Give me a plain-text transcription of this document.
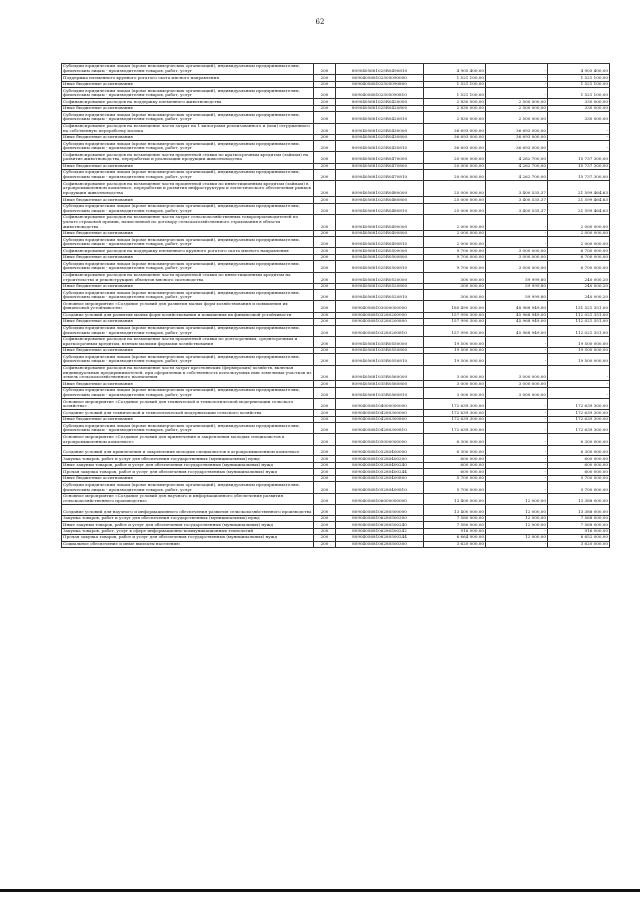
62
Субсидии юридическим лицам (кроме некоммерческих организаций), индивидуальным предпринимателям, физическим лицам - производителям товаров, работ, услуг	200	8090405681025R0490810	4 905 400,00	-	4 905 400,00
Поддержка племенного крупного рогатого скота мясного направления	200	809040568102505090000	1 521 100,00	-	1 521 100,00
Иные бюджетные ассигнования	200	809040568102505090800	1 521 100,00	-	1 521 100,00
Субсидии юридическим лицам (кроме некоммерческих организаций), индивидуальным предпринимателям, физическим лицам - производителям товаров, работ, услуг	200	809040568102505090810	1 521 100,00	-	1 521 100,00
Софинансирование расходов на поддержку племенного животноводства	200	8090405681025R0420000	2 830 000,00	2 500 000,00	330 000,00
Иные бюджетные ассигнования	200	8090405681025R0420800	2 830 000,00	2 500 000,00	330 000,00
Субсидии юридическим лицам (кроме некоммерческих организаций), индивидуальным предпринимателям, физическим лицам - производителям товаров, работ, услуг	200	8090405681025R0420810	2 830 000,00	2 500 000,00	330 000,00
Софинансирование расходов на возмещение части затрат на 1 килограмм реализованного и (или) отгруженного на собственную переработку молока	200	8090405681025R0430000	36 693 000,00	36 693 000,00	-
Иные бюджетные ассигнования	200	8090405681025R0430800	36 693 000,00	36 693 000,00	-
Субсидии юридическим лицам (кроме некоммерческих организаций), индивидуальным предпринимателям, физическим лицам - производителям товаров, работ, услуг	200	8090405681025R0430810	36 693 000,00	36 693 000,00	-
Софинансирование расходов на возмещение части процентной ставки по краткосрочным кредитам (займам) на развитие животноводства, переработки и реализации продукции животноводства	200	8090405681025R0470000	20 000 000,00	4 262 700,00	15 737 300,00
Иные бюджетные ассигнования	200	8090405681025R0470800	20 000 000,00	4 262 700,00	15 737 300,00
Субсидии юридическим лицам (кроме некоммерческих организаций), индивидуальным предпринимателям, физическим лицам - производителям товаров, работ, услуг	200	8090405681025R0470810	20 000 000,00	4 262 700,00	15 737 300,00
Софинансирование расходов на возмещение части процентной ставки по инвестиционным кредитам (займам) в агропромышленном комплексе, переработки и развития инфраструктуры и логистического обеспечения рынков продукции животноводства	200	8090405681025R0480000	25 000 000,00	3 400 535,37	21 599 464,63
Иные бюджетные ассигнования	200	8090405681025R0480800	25 000 000,00	3 400 535,37	21 599 464,63
Субсидии юридическим лицам (кроме некоммерческих организаций), индивидуальным предпринимателям, физическим лицам - производителям товаров, работ, услуг	200	8090405681025R0480810	25 000 000,00	3 400 535,37	21 599 464,63
Софинансирование расходов на возмещение части затрат сельскохозяйственных товаропроизводителей по уплате страховой премии, начисленной по договору сельскохозяйственного страхования в области животноводства	200	8090405681025R0490000	2 000 000,00	-	2 000 000,00
Иные бюджетные ассигнования	200	8090405681025R0490800	2 000 000,00	-	2 000 000,00
Субсидии юридическим лицам (кроме некоммерческих организаций), индивидуальным предпринимателям, физическим лицам - производителям товаров, работ, услуг	200	8090405681025R0490810	2 000 000,00	-	2 000 000,00
Софинансирование расходов на поддержку племенного крупного рогатого скота мясного направления	200	8090405681025R0500000	9 700 000,00	3 000 000,00	6 700 000,00
Иные бюджетные ассигнования	200	8090405681025R0500800	9 700 000,00	3 000 000,00	6 700 000,00
Субсидии юридическим лицам (кроме некоммерческих организаций), индивидуальным предпринимателям, физическим лицам - производителям товаров, работ, услуг	200	8090405681025R0500810	9 700 000,00	3 000 000,00	6 700 000,00
Софинансирование расходов на возмещение части процентной ставки по инвестиционным кредитам на строительство и реконструкцию объектов мясного скотоводства	200	8090405681025R0520000	300 000,00	59 999,80	240 000,20
Иные бюджетные ассигнования	200	8090405681025R0520800	300 000,00	59 999,80	240 000,20
Субсидии юридическим лицам (кроме некоммерческих организаций), индивидуальным предпринимателям, физическим лицам - производителям товаров, работ, услуг	200	8090405681025R0520810	300 000,00	59 999,80	240 000,20
Основное мероприятие «Создание условий для развития малых форм хозяйствования и повышения их финансовой устойчивости»	200	809040568103000000000	180 490 300,00	48 968 949,00	131 521 351,00
Создание условий для развития малых форм хозяйствования и повышения их финансовой устойчивости	200	809040568103280200000	157 990 300,00	45 968 949,00	112 021 351,00
Иные бюджетные ассигнования	200	809040568103280200800	157 990 300,00	45 968 949,00	112 021 351,00
Субсидии юридическим лицам (кроме некоммерческих организаций), индивидуальным предпринимателям, физическим лицам - производителям товаров, работ, услуг	200	809040568103280200810	157 990 300,00	45 968 949,00	112 021 351,00
Софинансирование расходов на возмещение части процентной ставки по долгосрочным, среднесрочным и краткосрочным кредитам, взятым малыми формами хозяйствования	200	8090405681035R0550000	19 500 000,00	-	19 500 000,00
Иные бюджетные ассигнования	200	8090405681035R0550800	19 500 000,00	-	19 500 000,00
Субсидии юридическим лицам (кроме некоммерческих организаций), индивидуальным предпринимателям, физическим лицам - производителям товаров, работ, услуг	200	8090405681035R0550810	19 500 000,00	-	19 500 000,00
Софинансирование расходов на возмещение части затрат крестьянских (фермерских) хозяйств, включая индивидуальных предпринимателей, при оформлении в собственность используемых ими земельных участков из земель сельскохозяйственного назначения	200	8090405681035R0560000	3 000 000,00	3 000 000,00	-
Иные бюджетные ассигнования	200	8090405681035R0560800	3 000 000,00	3 000 000,00	-
Субсидии юридическим лицам (кроме некоммерческих организаций), индивидуальным предпринимателям, физическим лицам - производителям товаров, работ, услуг	200	8090405681035R0560810	3 000 000,00	3 000 000,00	-
Основное мероприятие «Создание условий для технической и технологической модернизации сельского хозяйства»	200	809040568104000000000	172 639 300,00	-	172 639 300,00
Создание условий для технической и технологической модернизации сельского хозяйства	200	809040568104280300000	172 639 300,00	-	172 639 300,00
Иные бюджетные ассигнования	200	809040568104280300800	172 639 300,00	-	172 639 300,00
Субсидии юридическим лицам (кроме некоммерческих организаций), индивидуальным предпринимателям, физическим лицам - производителям товаров, работ, услуг	200	809040568104280300810	172 639 300,00	-	172 639 300,00
Основное мероприятие «Создание условий для привлечения и закрепления молодых специалистов в агропромышленном комплексе»	200	809040568105000000000	6 300 000,00	-	6 300 000,00
Создание условий для привлечения и закрепления молодых специалистов в агропромышленном комплексе	200	809040568105280400000	6 300 000,00	-	6 300 000,00
Закупка товаров, работ и услуг для обеспечения государственных (муниципальных) нужд	200	809040568105280400200	600 000,00	-	600 000,00
Иные закупки товаров, работ и услуг для обеспечения государственных (муниципальных) нужд	200	809040568105280400240	600 000,00	-	600 000,00
Прочая закупка товаров, работ и услуг для обеспечения государственных (муниципальных) нужд	200	809040568105280400244	600 000,00	-	600 000,00
Иные бюджетные ассигнования	200	809040568105280400800	5 700 000,00	-	5 700 000,00
Субсидии юридическим лицам (кроме некоммерческих организаций), индивидуальным предпринимателям, физическим лицам - производителям товаров, работ, услуг	200	809040568105280400810	5 700 000,00	-	5 700 000,00
Основное мероприятие «Создание условий для научного и информационного обеспечения развития сельскохозяйственного производства»	200	809040568106000000000	13 400 000,00	12 000,00	13 388 000,00
Создание условий для научного и информационного обеспечения развития сельскохозяйственного производства	200	809040568106280500000	13 400 000,00	12 000,00	13 388 000,00
Закупка товаров, работ и услуг для обеспечения государственных (муниципальных) нужд	200	809040568106280500200	7 580 000,00	12 000,00	7 568 000,00
Иные закупки товаров, работ и услуг для обеспечения государственных (муниципальных) нужд	200	809040568106280500240	7 580 000,00	12 000,00	7 568 000,00
Закупка товаров, работ, услуг в сфере информационно-коммуникационных технологий	200	809040568106280500242	916 000,00	-	916 000,00
Прочая закупка товаров, работ и услуг для обеспечения государственных (муниципальных) нужд	200	809040568106280500244	6 664 000,00	12 000,00	6 652 000,00
Социальное обеспечение и иные выплаты населению	200	809040568106280500300	3 620 000,00	-	3 620 000,00
